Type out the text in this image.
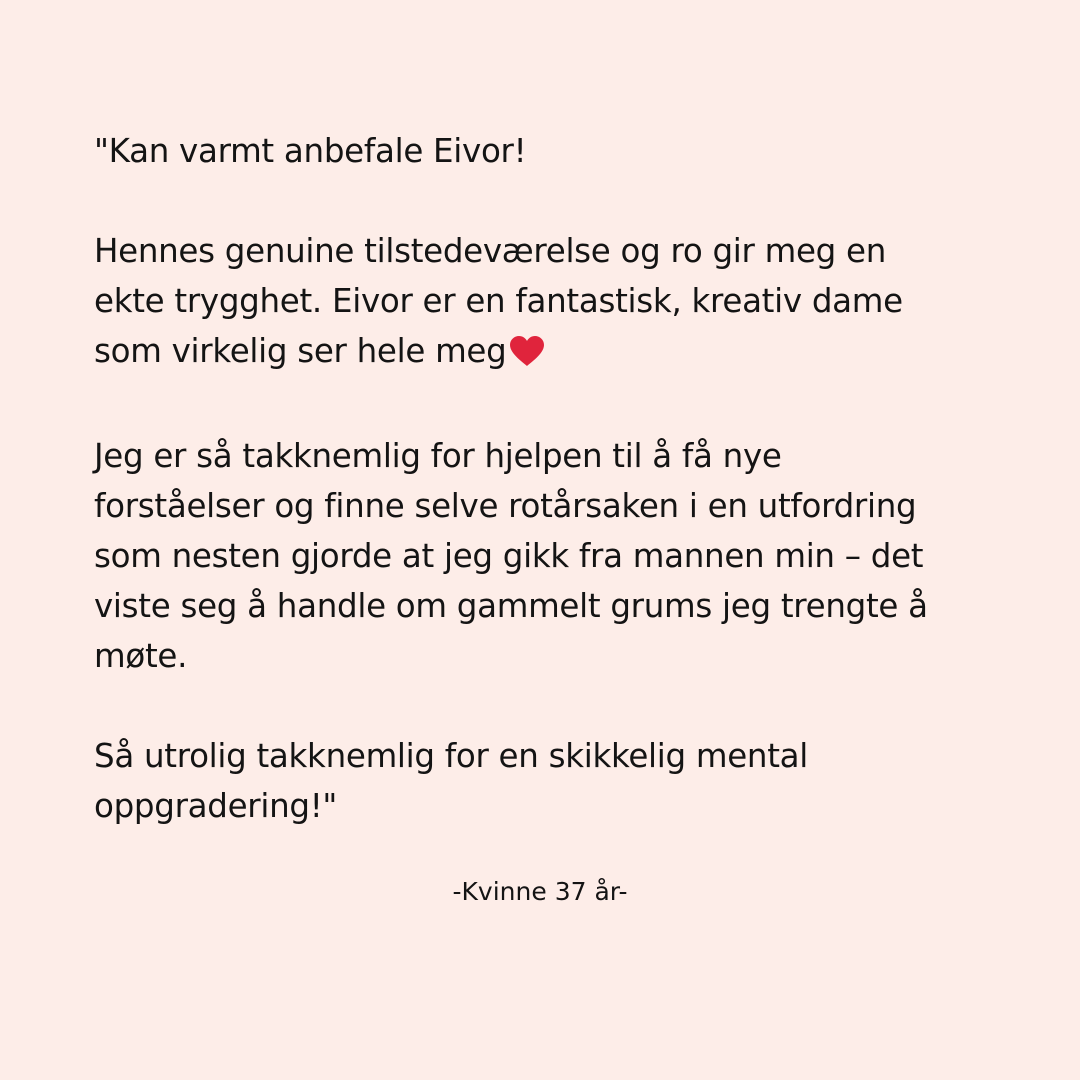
"Kan varmt anbefale Eivor!

Hennes genuine tilstedeværelse og ro gir meg en
ekte trygghet. Eivor er en fantastisk, kreativ dame
som virkelig ser hele meg

Jeg er så takknemlig for hjelpen til å få nye
forståelser og finne selve rotårsaken i en utfordring
som nesten gjorde at jeg gikk fra mannen min – det
viste seg å handle om gammelt grums jeg trengte å
møte.

Så utrolig takknemlig for en skikkelig mental
oppgradering!"

-Kvinne 37 år-
